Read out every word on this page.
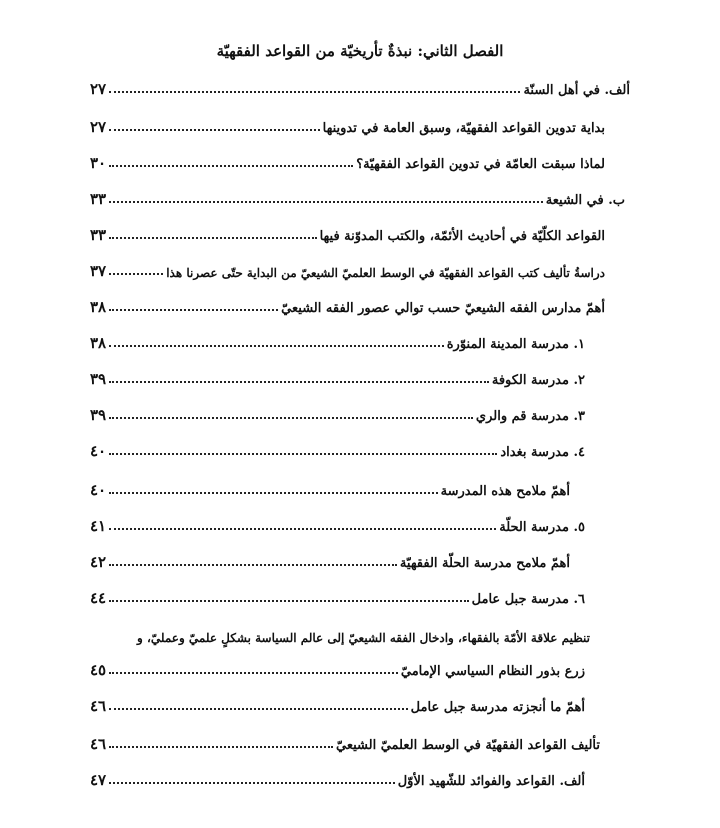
الفصل الثاني: نبذةٌ تأريخيّة من القواعد الفقهيّة
ألف. في أهل السنّة
٢٧
بداية تدوين القواعد الفقهيّة، وسبق العامة في تدوينها
٢٧
لماذا سبقت العامّة في تدوين القواعد الفقهيّة؟
٣٠
ب. في الشيعة
٣٣
القواعد الكلّيّة في أحاديث الأئمّة، والكتب المدوّنة فيها
٣٣
دراسةُ تأليف كتب القواعد الفقهيّة في الوسط العلميّ الشيعيّ من البداية حتّى عصرنا هذا
٣٧
أهمّ مدارس الفقه الشيعيّ حسب توالي عصور الفقه الشيعيّ
٣٨
١. مدرسة المدينة المنوّرة
٣٨
٢. مدرسة الكوفة
٣٩
٣. مدرسة قم والري
٣٩
٤. مدرسة بغداد
٤٠
أهمّ ملامح هذه المدرسة
٤٠
٥. مدرسة الحلّة
٤١
أهمّ ملامح مدرسة الحلّة الفقهيّة
٤٢
٦. مدرسة جبل عامل
٤٤
تنظيم علاقة الأمّة بالفقهاء، وادخال الفقه الشيعيّ إلى عالم السياسة بشكلٍ علميّ وعمليّ، و
زرع بذور النظام السياسي الإماميّ
٤٥
أهمّ ما أنجزته مدرسة جبل عامل
٤٦
تأليف القواعد الفقهيّة في الوسط العلميّ الشيعيّ
٤٦
ألف. القواعد والفوائد للشّهيد الأوّل
٤٧
